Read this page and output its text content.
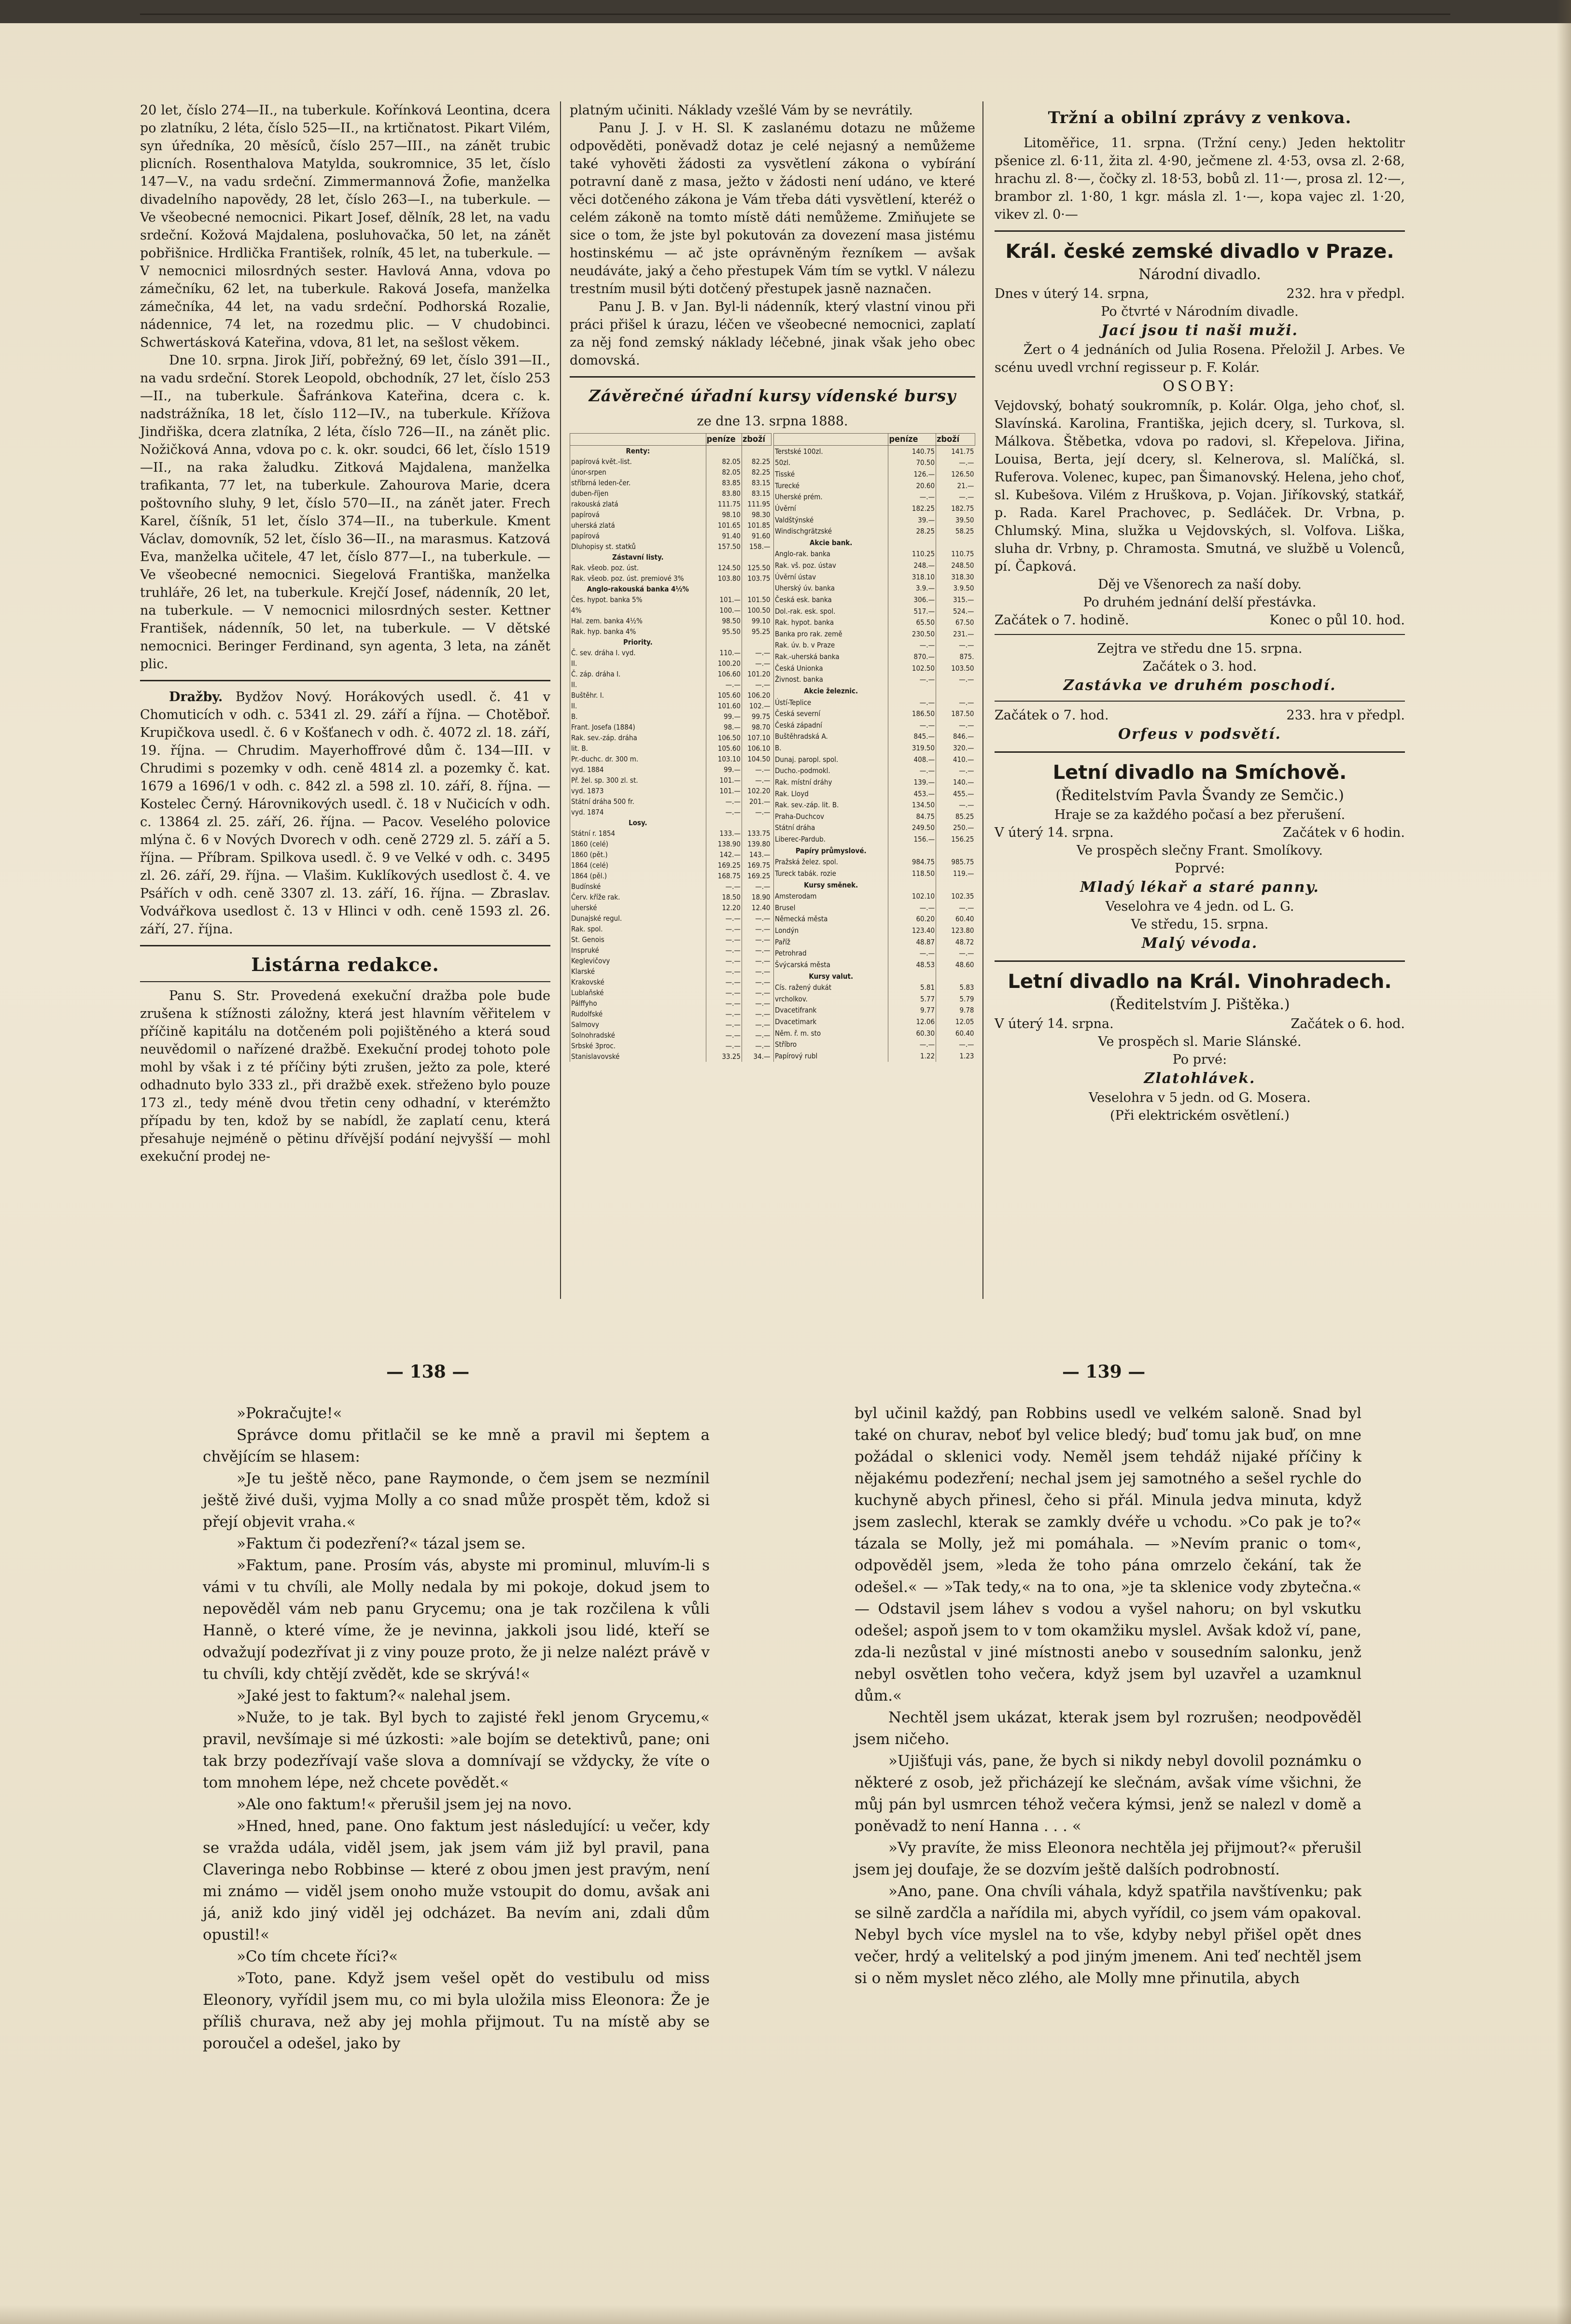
20 let, číslo 274—II., na tuberkule. Kořínková Leontina, dcera po zlatníku, 2 léta, číslo 525—II., na krtičnatost. Pikart Vilém, syn úředníka, 20 měsíců, číslo 257—III., na zánět trubic plicních. Rosenthalova Matylda, soukromnice, 35 let, číslo 147—V., na vadu srdeční. Zimmermannová Žofie, manželka divadelního napovědy, 28 let, číslo 263—I., na tuberkule. — Ve všeobecné nemocnici. Pikart Josef, dělník, 28 let, na vadu srdeční. Kožová Majdalena, posluhovačka, 50 let, na zánět pobřišnice. Hrdlička František, rolník, 45 let, na tuberkule. — V nemocnici milosrdných sester. Havlová Anna, vdova po zámečníku, 62 let, na tuberkule. Raková Josefa, manželka zámečníka, 44 let, na vadu srdeční. Podhorská Rozalie, nádennice, 74 let, na rozedmu plic. — V chudobinci. Schwertásková Kateřina, vdova, 81 let, na sešlost věkem.

Dne 10. srpna. Jirok Jiří, pobřežný, 69 let, číslo 391—II., na vadu srdeční. Storek Leopold, obchodník, 27 let, číslo 253—II., na tuberkule. Šafránkova Kateřina, dcera c. k. nadstrážníka, 18 let, číslo 112—IV., na tuberkule. Křížova Jindřiška, dcera zlatníka, 2 léta, číslo 726—II., na zánět plic. Nožičková Anna, vdova po c. k. okr. soudci, 66 let, číslo 1519—II., na raka žaludku. Zitková Majdalena, manželka trafikanta, 77 let, na tuberkule. Zahourova Marie, dcera poštovního sluhy, 9 let, číslo 570—II., na zánět jater. Frech Karel, číšník, 51 let, číslo 374—II., na tuberkule. Kment Václav, domovník, 52 let, číslo 36—II., na marasmus. Katzová Eva, manželka učitele, 47 let, číslo 877—I., na tuberkule. — Ve všeobecné nemocnici. Siegelová Františka, manželka truhláře, 26 let, na tuberkule. Krejčí Josef, nádenník, 20 let, na tuberkule. — V nemocnici milosrdných sester. Kettner František, nádenník, 50 let, na tuberkule. — V dětské nemocnici. Beringer Ferdinand, syn agenta, 3 leta, na zánět plic.

Dražby. Bydžov Nový. Horákových usedl. č. 41 v Chomuticích v odh. c. 5341 zl. 29. září a října. — Chotěboř. Krupičkova usedl. č. 6 v Košťanech v odh. č. 4072 zl. 18. září, 19. října. — Chrudim. Mayerhoffrové dům č. 134—III. v Chrudimi s pozemky v odh. ceně 4814 zl. a pozemky č. kat. 1679 a 1696/1 v odh. c. 842 zl. a 598 zl. 10. září, 8. října. — Kostelec Černý. Hárovnikových usedl. č. 18 v Nučicích v odh. c. 13864 zl. 25. září, 26. října. — Pacov. Veselého polovice mlýna č. 6 v Nových Dvorech v odh. ceně 2729 zl. 5. září a 5. října. — Příbram. Spilkova usedl. č. 9 ve Velké v odh. c. 3495 zl. 26. září, 29. října. — Vlašim. Kuklíkových usedlost č. 4. ve Psářích v odh. ceně 3307 zl. 13. září, 16. října. — Zbraslav. Vodvářkova usedlost č. 13 v Hlinci v odh. ceně 1593 zl. 26. září, 27. října.

Listárna redakce.

Panu S. Str. Provedená exekuční dražba pole bude zrušena k stížnosti záložny, která jest hlavním věřitelem v příčině kapitálu na dotčeném poli pojištěného a která soud neuvědomil o nařízené dražbě. Exekuční prodej tohoto pole mohl by však i z té příčiny býti zrušen, ježto za pole, které odhadnuto bylo 333 zl., při dražbě exek. střeženo bylo pouze 173 zl., tedy méně dvou třetin ceny odhadní, v kterémžto případu by ten, kdož by se nabídl, že zaplatí cenu, která přesahuje nejméně o pětinu dřívější podání nejvyšší — mohl exekuční prodej ne-

platným učiniti. Náklady vzešlé Vám by se nevrátily.

Panu J. J. v H. Sl. K zaslanému dotazu ne můžeme odpověděti, poněvadž dotaz je celé nejasný a nemůžeme také vyhověti žádosti za vysvětlení zákona o vybírání potravní daně z masa, ježto v žádosti není udáno, ve které věci dotčeného zákona je Vám třeba dáti vysvětlení, kteréž o celém zákoně na tomto místě dáti nemůžeme. Zmiňujete se sice o tom, že jste byl pokutován za dovezení masa jistému hostinskému — ač jste oprávněným řezníkem — avšak neudáváte, jaký a čeho přestupek Vám tím se vytkl. V nálezu trestním musil býti dotčený přestupek jasně naznačen.

Panu J. B. v Jan. Byl-li nádenník, který vlastní vinou při práci přišel k úrazu, léčen ve všeobecné nemocnici, zaplatí za něj fond zemský náklady léčebné, jinak však jeho obec domovská.

Závěrečné úřadní kursy vídenské bursy
ze dne 13. srpna 1888.
	peníze	zboží
Renty:		
papírová květ.-list.	82.05	82.25
únor-srpen	82.05	82.25
stříbrná leden-čer.	83.85	83.15
duben-říjen	83.80	83.15
rakouská zlatá	111.75	111.95
papírová	98.10	98.30
uherská zlatá	101.65	101.85
papírová	91.40	91.60
Dluhopisy st. statků	157.50	158.—
Zástavní listy.		
Rak. všeob. poz. úst.	124.50	125.50
Rak. všeob. poz. úst. premiové 3%	103.80	103.75
Anglo-rakouská banka 4½%		
Čes. hypot. banka 5%	101.—	101.50
4%	100.—	100.50
Hal. zem. banka 4½%	98.50	99.10
Rak. hyp. banka 4%	95.50	95.25
Priority.		
Č. sev. dráha I. vyd.	110.—	—.—
II.	100.20	—.—
Č. záp. dráha I.	106.60	101.20
II.	—.—	—.—
Buštěhr. I.	105.60	106.20
II.	101.60	102.—
B.	99.—	99.75
Frant. Josefa (1884)	98.—	98.70
Rak. sev.-záp. dráha	106.50	107.10
lit. B.	105.60	106.10
Pr.-duchc. dr. 300 m.	103.10	104.50
vyd. 1884	99.—	—.—
Př. žel. sp. 300 zl. st.	101.—	—.—
vyd. 1873	101.—	102.20
Státní dráha 500 fr.	—.—	201.—
vyd. 1874	—.—	—.—
Losy.		
Státní r. 1854	133.—	133.75
1860 (celé)	138.90	139.80
1860 (pět.)	142.—	143.—
1864 (celé)	169.25	169.75
1864 (pěl.)	168.75	169.25
Budínské	—.—	—.—
Červ. kříže rak.	18.50	18.90
uherské	12.20	12.40
Dunajské regul.	—.—	—.—
Rak. spol.	—.—	—.—
St. Genois	—.—	—.—
Inspruké	—.—	—.—
Keglevičovy	—.—	—.—
Klarské	—.—	—.—
Krakovské	—.—	—.—
Lublaňské	—.—	—.—
Pálffyho	—.—	—.—
Rudolfské	—.—	—.—
Salmovy	—.—	—.—
Solnohradské	—.—	—.—
Srbské 3proc.	—.—	—.—
Stanislavovské	33.25	34.—
	peníze	zboží
Terstské 100zl.	140.75	141.75
50zl.	70.50	—.—
Tisské	126.—	126.50
Turecké	20.60	21.—
Uherské prém.	—.—	—.—
Úvěrní	182.25	182.75
Valdštýnské	39.—	39.50
Windischgrätzské	28.25	58.25
Akcie bank.		
Anglo-rak. banka	110.25	110.75
Rak. vš. poz. ústav	248.—	248.50
Úvěrní ústav	318.10	318.30
Uherský úv. banka	3.9.—	3.9.50
Česká esk. banka	306.—	315.—
Dol.-rak. esk. spol.	517.—	524.—
Rak. hypot. banka	65.50	67.50
Banka pro rak. země	230.50	231.—
Rak. úv. b. v Praze	—.—	—.—
Rak.-uherská banka	870.—	875.
Česká Unionka	102.50	103.50
Živnost. banka	—.—	—.—
Akcie železnic.		
Ústí-Teplice	—.—	—.—
Česká severní	186.50	187.50
Česká západní	—.—	—.—
Buštěhradská A.	845.—	846.—
B.	319.50	320.—
Dunaj. paropl. spol.	408.—	410.—
Ducho.-podmokl.	—.—	—.—
Rak. místní dráhy	139.—	140.—
Rak. Lloyd	453.—	455.—
Rak. sev.-záp. lit. B.	134.50	—.—
Praha-Duchcov	84.75	85.25
Státní dráha	249.50	250.—
Liberec-Pardub.	156.—	156.25
Papíry průmyslové.		
Pražská želez. spol.	984.75	985.75
Tureck tabák. rozie	118.50	119.—
Kursy směnek.		
Amsterodam	102.10	102.35
Brusel	—.—	—.—
Německá města	60.20	60.40
Londýn	123.40	123.80
Paříž	48.87	48.72
Petrohrad	—.—	—.—
Švýcarská města	48.53	48.60
Kursy valut.		
Cís. ražený dukát	5.81	5.83
vrcholkov.	5.77	5.79
Dvacetifrank	9.77	9.78
Dvacetimark	12.06	12.05
Něm. ř. m. sto	60.30	60.40
Stříbro	—.—	—.—
Papírový rubl	1.22	1.23
Tržní a obilní zprávy z venkova.

Litoměřice, 11. srpna. (Tržní ceny.) Jeden hektolitr pšenice zl. 6·11, žita zl. 4·90, ječmene zl. 4·53, ovsa zl. 2·68, hrachu zl. 8·—, čočky zl. 18·53, bobů zl. 11·—, prosa zl. 12·—, brambor zl. 1·80, 1 kgr. másla zl. 1·—, kopa vajec zl. 1·20, vikev zl. 0·—

Král. české zemské divadlo v Praze.
Národní divadlo.
Dnes v úterý 14. srpna,	232. hra v předpl.
Po čtvrté v Národním divadle.
Jací jsou ti naši muži.

Žert o 4 jednáních od Julia Rosena. Přeložil J. Arbes. Ve scénu uvedl vrchní regisseur p. F. Kolár.

OSOBY:

Vejdovský, bohatý soukromník, p. Kolár. Olga, jeho choť, sl. Slavínská. Karolina, Františka, jejich dcery, sl. Turkova, sl. Málkova. Štěbetka, vdova po radovi, sl. Křepelova. Jiřina, Louisa, Berta, její dcery, sl. Kelnerova, sl. Malíčká, sl. Ruferova. Volenec, kupec, pan Šimanovský. Helena, jeho choť, sl. Kubešova. Vilém z Hruškova, p. Vojan. Jiříkovský, statkář, p. Rada. Karel Prachovec, p. Sedláček. Dr. Vrbna, p. Chlumský. Mina, služka u Vejdovských, sl. Volfova. Liška, sluha dr. Vrbny, p. Chramosta. Smutná, ve službě u Volenců, pí. Čapková.

Děj ve Všenorech za naší doby.
Po druhém jednání delší přestávka.
Začátek o 7. hodině.	Konec o půl 10. hod.
Zejtra ve středu dne 15. srpna.
Začátek o 3. hod.
Zastávka ve druhém poschodí.
Začátek o 7. hod.	233. hra v předpl.
Orfeus v podsvětí.
Letní divadlo na Smíchově.
(Ředitelstvím Pavla Švandy ze Semčic.)
Hraje se za každého počasí a bez přerušení.
V úterý 14. srpna.	Začátek v 6 hodin.
Ve prospěch slečny Frant. Smolíkovy.
Poprvé:
Mladý lékař a staré panny.
Veselohra ve 4 jedn. od L. G.
Ve středu, 15. srpna.
Malý vévoda.
Letní divadlo na Král. Vinohradech.
(Ředitelstvím J. Pištěka.)
V úterý 14. srpna.	Začátek o 6. hod.
Ve prospěch sl. Marie Slánské.
Po prvé:
Zlatohlávek.
Veselohra v 5 jedn. od G. Mosera.
(Při elektrickém osvětlení.)
— 138 —	— 139 —

»Pokračujte!«

Správce domu přitlačil se ke mně a pravil mi šeptem a chvějícím se hlasem:

»Je tu ještě něco, pane Raymonde, o čem jsem se nezmínil ještě živé duši, vyjma Molly a co snad může prospět těm, kdož si přejí objevit vraha.«

»Faktum či podezření?« tázal jsem se.

»Faktum, pane. Prosím vás, abyste mi prominul, mluvím-li s vámi v tu chvíli, ale Molly nedala by mi pokoje, dokud jsem to nepověděl vám neb panu Grycemu; ona je tak rozčilena k vůli Hanně, o které víme, že je nevinna, jakkoli jsou lidé, kteří se odvažují podezřívat ji z viny pouze proto, že ji nelze nalézt právě v tu chvíli, kdy chtějí zvědět, kde se skrývá!«

»Jaké jest to faktum?« nalehal jsem.

»Nuže, to je tak. Byl bych to zajisté řekl jenom Grycemu,« pravil, nevšímaje si mé úzkosti: »ale bojím se detektivů, pane; oni tak brzy podezřívají vaše slova a domnívají se vždycky, že víte o tom mnohem lépe, než chcete povědět.«

»Ale ono faktum!« přerušil jsem jej na novo.

»Hned, hned, pane. Ono faktum jest následující: u večer, kdy se vražda udála, viděl jsem, jak jsem vám již byl pravil, pana Claveringa nebo Robbinse — které z obou jmen jest pravým, není mi známo — viděl jsem onoho muže vstoupit do domu, avšak ani já, aniž kdo jiný viděl jej odcházet. Ba nevím ani, zdali dům opustil!«

»Co tím chcete říci?«

»Toto, pane. Když jsem vešel opět do vestibulu od miss Eleonory, vyřídil jsem mu, co mi byla uložila miss Eleonora: Že je příliš churava, než aby jej mohla přijmout. Tu na místě aby se poroučel a odešel, jako by

byl učinil každý, pan Robbins usedl ve velkém saloně. Snad byl také on churav, neboť byl velice bledý; buď tomu jak buď, on mne požádal o sklenici vody. Neměl jsem tehdáž nijaké příčiny k nějakému podezření; nechal jsem jej samotného a sešel rychle do kuchyně abych přinesl, čeho si přál. Minula jedva minuta, když jsem zaslechl, kterak se zamkly dvéře u vchodu. »Co pak je to?« tázala se Molly, jež mi pomáhala. — »Nevím pranic o tom«, odpověděl jsem, »leda že toho pána omrzelo čekání, tak že odešel.« — »Tak tedy,« na to ona, »je ta sklenice vody zbytečna.« — Odstavil jsem láhev s vodou a vyšel nahoru; on byl vskutku odešel; aspoň jsem to v tom okamžiku myslel. Avšak kdož ví, pane, zda-li nezůstal v jiné místnosti anebo v sousedním salonku, jenž nebyl osvětlen toho večera, když jsem byl uzavřel a uzamknul dům.«

Nechtěl jsem ukázat, kterak jsem byl rozrušen; neodpověděl jsem ničeho.

»Ujišťuji vás, pane, že bych si nikdy nebyl dovolil poznámku o některé z osob, jež přicházejí ke slečnám, avšak víme všichni, že můj pán byl usmrcen téhož večera kýmsi, jenž se nalezl v domě a poněvadž to není Hanna . . . «

»Vy pravíte, že miss Eleonora nechtěla jej přijmout?« přerušil jsem jej doufaje, že se dozvím ještě dalších podrobností.

»Ano, pane. Ona chvíli váhala, když spatřila navštívenku; pak se silně zardčla a nařídila mi, abych vyřídil, co jsem vám opakoval. Nebyl bych více myslel na to vše, kdyby nebyl přišel opět dnes večer, hrdý a velitelský a pod jiným jmenem. Ani teď nechtěl jsem si o něm myslet něco zlého, ale Molly mne přinutila, abych
